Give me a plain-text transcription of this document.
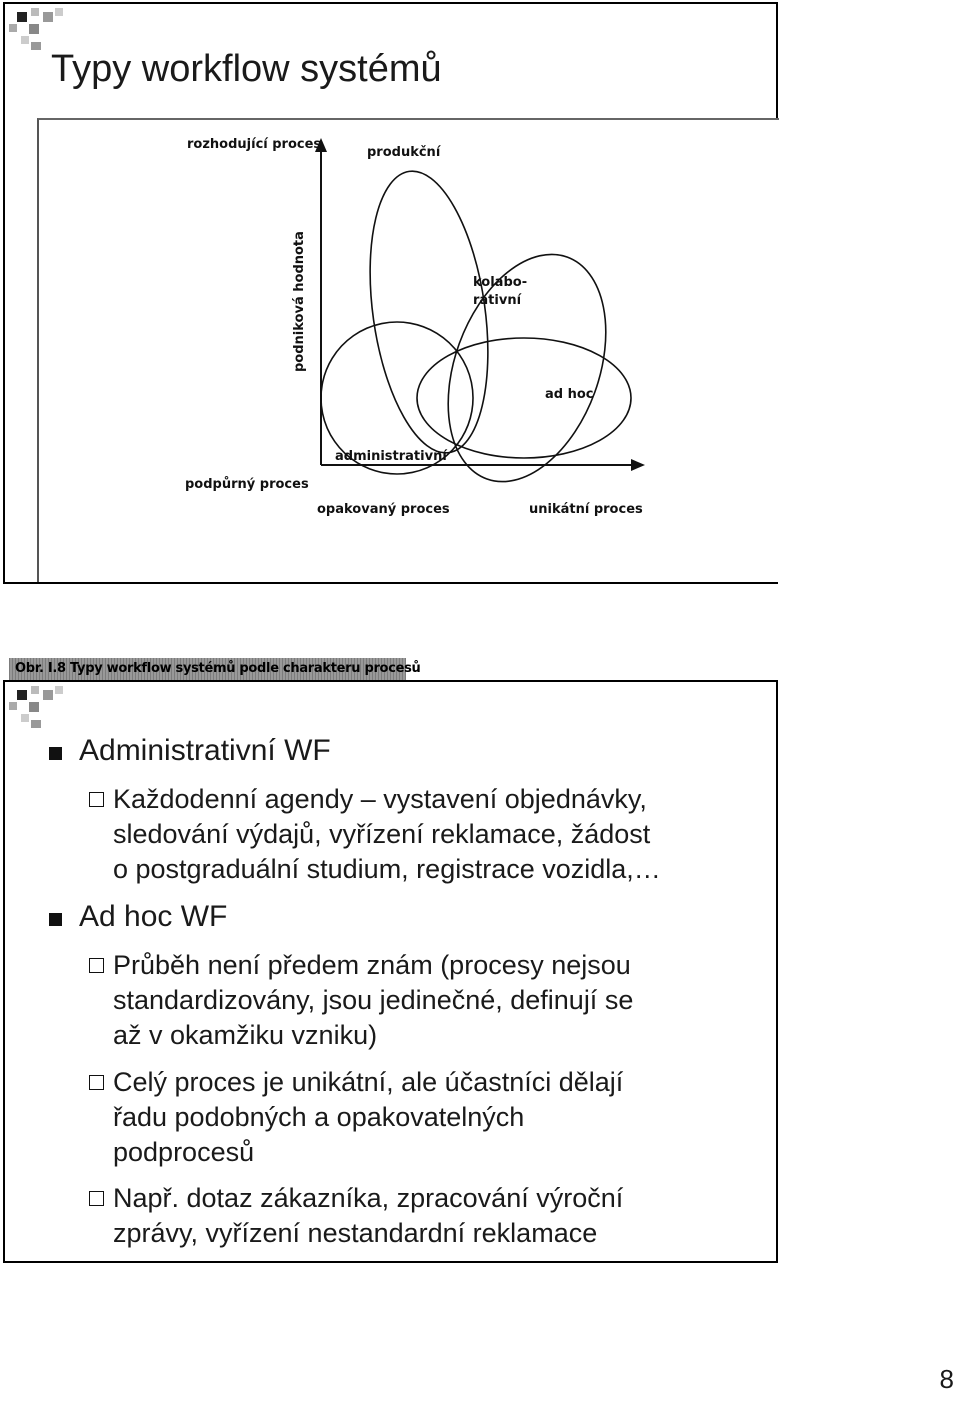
Typy workflow systémů
rozhodující proces
podniková hodnota
podpůrný proces
opakovaný proces	unikátní proces
produkční
kolabo-
rativní
ad hoc
administrativní
Obr. I.8 Typy workflow systémů podle charakteru procesů
Administrativní WF
Každodenní agendy – vystavení objednávky,
sledování výdajů, vyřízení reklamace, žádost
o postgraduální studium, registrace vozidla,…
Ad hoc WF
Průběh není předem znám (procesy nejsou
standardizovány, jsou jedinečné, definují se
až v okamžiku vzniku)
Celý proces je unikátní, ale účastníci dělají
řadu podobných a opakovatelných
podprocesů
Např. dotaz zákazníka, zpracování výroční
zprávy, vyřízení nestandardní reklamace
8
